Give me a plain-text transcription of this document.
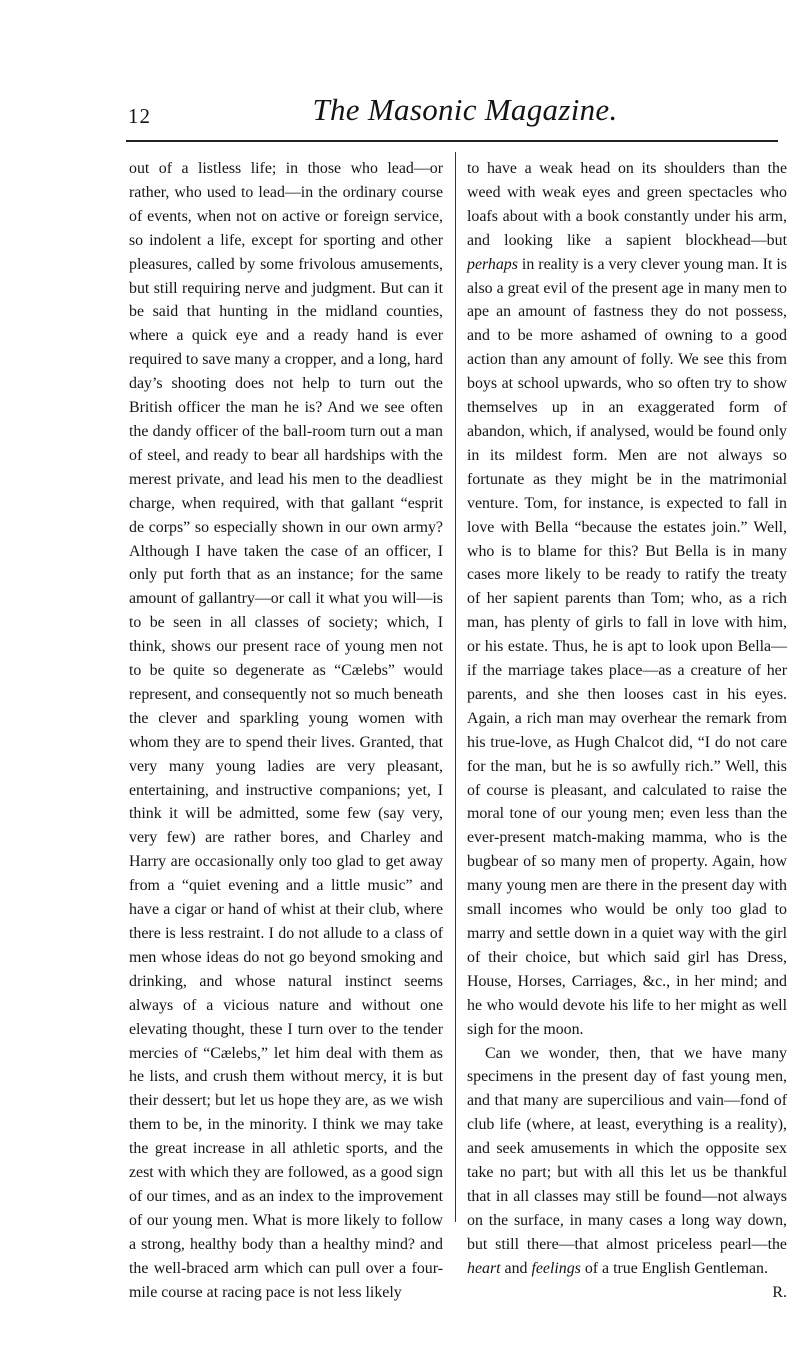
12	The Masonic Magazine.

out of a listless life; in those who lead—or rather, who used to lead—in the ordinary course of events, when not on active or foreign service, so indolent a life, except for sporting and other pleasures, called by some frivolous amusements, but still requiring nerve and judgment. But can it be said that hunting in the midland counties, where a quick eye and a ready hand is ever required to save many a cropper, and a long, hard day’s shooting does not help to turn out the British officer the man he is? And we see often the dandy officer of the ball-room turn out a man of steel, and ready to bear all hardships with the merest private, and lead his men to the deadliest charge, when required, with that gallant “esprit de corps” so especially shown in our own army? Although I have taken the case of an officer, I only put forth that as an instance; for the same amount of gallantry—or call it what you will—is to be seen in all classes of society; which, I think, shows our present race of young men not to be quite so degenerate as “Cælebs” would represent, and consequently not so much beneath the clever and sparkling young women with whom they are to spend their lives. Granted, that very many young ladies are very pleasant, entertaining, and instructive companions; yet, I think it will be admitted, some few (say very, very few) are rather bores, and Charley and Harry are occasionally only too glad to get away from a “quiet evening and a little music” and have a cigar or hand of whist at their club, where there is less restraint. I do not allude to a class of men whose ideas do not go beyond smoking and drinking, and whose natural instinct seems always of a vicious nature and without one elevating thought, these I turn over to the tender mercies of “Cælebs,” let him deal with them as he lists, and crush them without mercy, it is but their dessert; but let us hope they are, as we wish them to be, in the minority. I think we may take the great increase in all athletic sports, and the zest with which they are followed, as a good sign of our times, and as an index to the improvement of our young men. What is more likely to follow a strong, healthy body than a healthy mind? and the well-braced arm which can pull over a four-mile course at racing pace is not less likely

to have a weak head on its shoulders than the weed with weak eyes and green spectacles who loafs about with a book constantly under his arm, and looking like a sapient blockhead—but perhaps in reality is a very clever young man. It is also a great evil of the present age in many men to ape an amount of fastness they do not possess, and to be more ashamed of owning to a good action than any amount of folly. We see this from boys at school upwards, who so often try to show themselves up in an exaggerated form of abandon, which, if analysed, would be found only in its mildest form. Men are not always so fortunate as they might be in the matrimonial venture. Tom, for instance, is expected to fall in love with Bella “because the estates join.” Well, who is to blame for this? But Bella is in many cases more likely to be ready to ratify the treaty of her sapient parents than Tom; who, as a rich man, has plenty of girls to fall in love with him, or his estate. Thus, he is apt to look upon Bella—if the marriage takes place—as a creature of her parents, and she then looses cast in his eyes. Again, a rich man may overhear the remark from his true-love, as Hugh Chalcot did, “I do not care for the man, but he is so awfully rich.” Well, this of course is pleasant, and calculated to raise the moral tone of our young men; even less than the ever-present match-making mamma, who is the bugbear of so many men of property. Again, how many young men are there in the present day with small incomes who would be only too glad to marry and settle down in a quiet way with the girl of their choice, but which said girl has Dress, House, Horses, Carriages, &c., in her mind; and he who would devote his life to her might as well sigh for the moon.

Can we wonder, then, that we have many specimens in the present day of fast young men, and that many are supercilious and vain—fond of club life (where, at least, everything is a reality), and seek amusements in which the opposite sex take no part; but with all this let us be thankful that in all classes may still be found—not always on the surface, in many cases a long way down, but still there—that almost priceless pearl—the heart and feelings of a true English Gentleman.
R.
